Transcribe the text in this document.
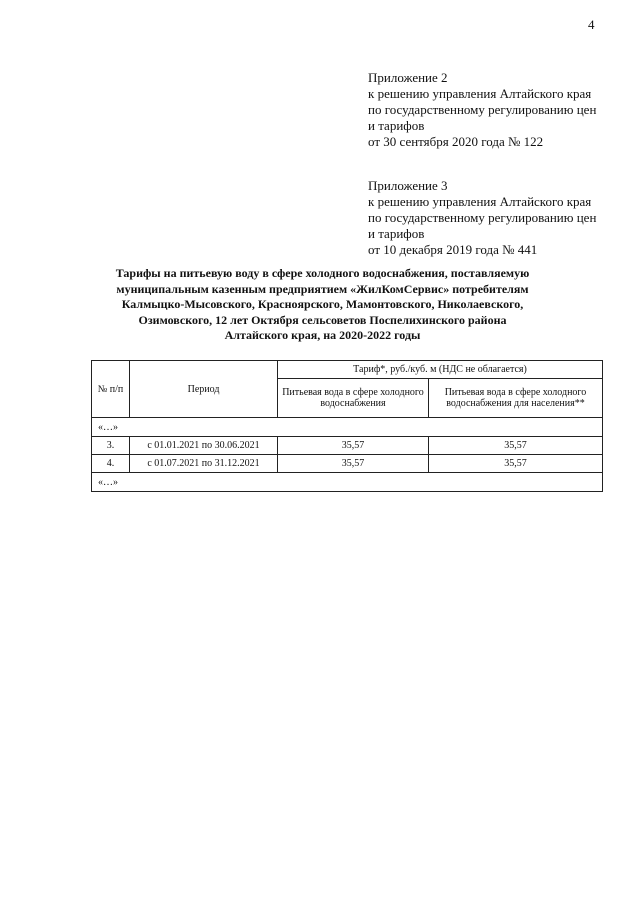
4
Приложение 2
к решению управления Алтайского края
по государственному регулированию цен
и тарифов
от 30 сентября 2020 года № 122
Приложение 3
к решению управления Алтайского края
по государственному регулированию цен
и тарифов
от 10 декабря 2019 года № 441
Тарифы на питьевую воду в сфере холодного водоснабжения, поставляемую
муниципальным казенным предприятием «ЖилКомСервис» потребителям
Калмыцко-Мысовского, Краснoярского, Мамонтовского, Николаевского,
Озимовского, 12 лет Октября сельсоветов Поспелихинского района
Алтайского края, на 2020-2022 годы
№ п/п	Период	Тариф*, руб./куб. м (НДС не облагается)	
		Питьевая вода в сфере холодного водоснабжения	Питьевая вода в сфере холодного водоснабжения для населения**
«…»			
3.	с 01.01.2021 по 30.06.2021	35,57	35,57
4.	с 01.07.2021 по 31.12.2021	35,57	35,57
«…»			
